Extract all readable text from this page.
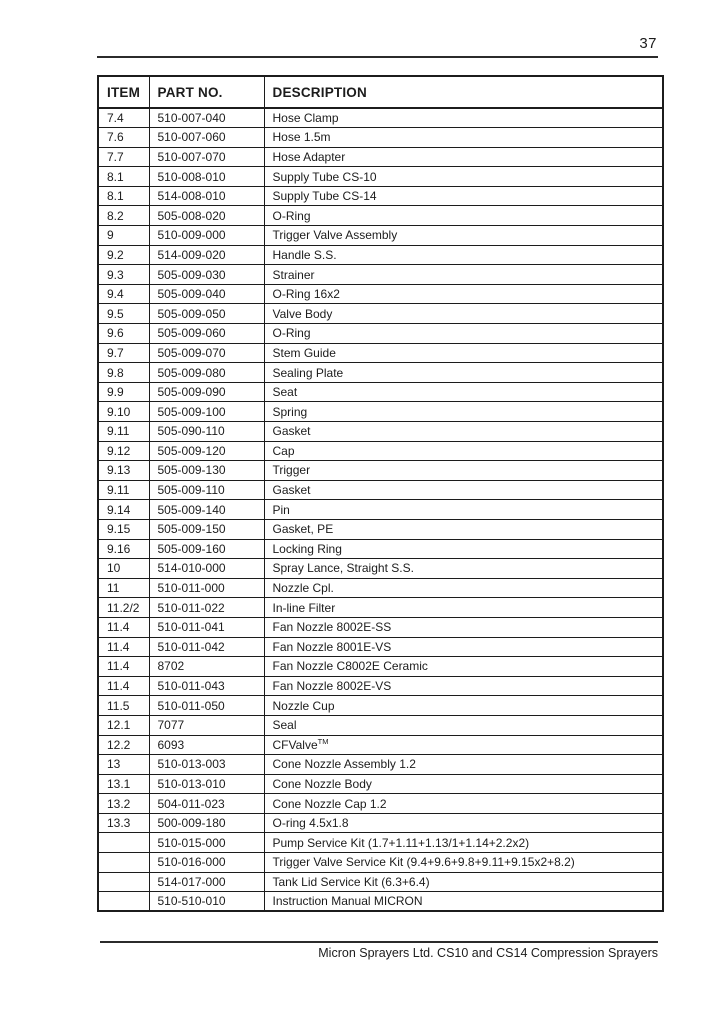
37
ITEM	PART NO.	DESCRIPTION
7.4	510-007-040	Hose Clamp
7.6	510-007-060	Hose 1.5m
7.7	510-007-070	Hose Adapter
8.1	510-008-010	Supply Tube CS-10
8.1	514-008-010	Supply Tube CS-14
8.2	505-008-020	O-Ring
9	510-009-000	Trigger Valve Assembly
9.2	514-009-020	Handle S.S.
9.3	505-009-030	Strainer
9.4	505-009-040	O-Ring 16x2
9.5	505-009-050	Valve Body
9.6	505-009-060	O-Ring
9.7	505-009-070	Stem Guide
9.8	505-009-080	Sealing Plate
9.9	505-009-090	Seat
9.10	505-009-100	Spring
9.11	505-090-110	Gasket
9.12	505-009-120	Cap
9.13	505-009-130	Trigger
9.11	505-009-110	Gasket
9.14	505-009-140	Pin
9.15	505-009-150	Gasket, PE
9.16	505-009-160	Locking Ring
10	514-010-000	Spray Lance, Straight S.S.
11	510-011-000	Nozzle Cpl.
11.2/2	510-011-022	In-line Filter
11.4	510-011-041	Fan Nozzle 8002E-SS
11.4	510-011-042	Fan Nozzle 8001E-VS
11.4	8702	Fan Nozzle C8002E Ceramic
11.4	510-011-043	Fan Nozzle 8002E-VS
11.5	510-011-050	Nozzle Cup
12.1	7077	Seal
12.2	6093	CFValve™
13	510-013-003	Cone Nozzle Assembly 1.2
13.1	510-013-010	Cone Nozzle Body
13.2	504-011-023	Cone Nozzle Cap 1.2
13.3	500-009-180	O-ring 4.5x1.8
	510-015-000	Pump Service Kit (1.7+1.11+1.13/1+1.14+2.2x2)
	510-016-000	Trigger Valve Service Kit (9.4+9.6+9.8+9.11+9.15x2+8.2)
	514-017-000	Tank Lid Service Kit (6.3+6.4)
	510-510-010	Instruction Manual MICRON
Micron Sprayers Ltd. CS10 and CS14 Compression Sprayers
